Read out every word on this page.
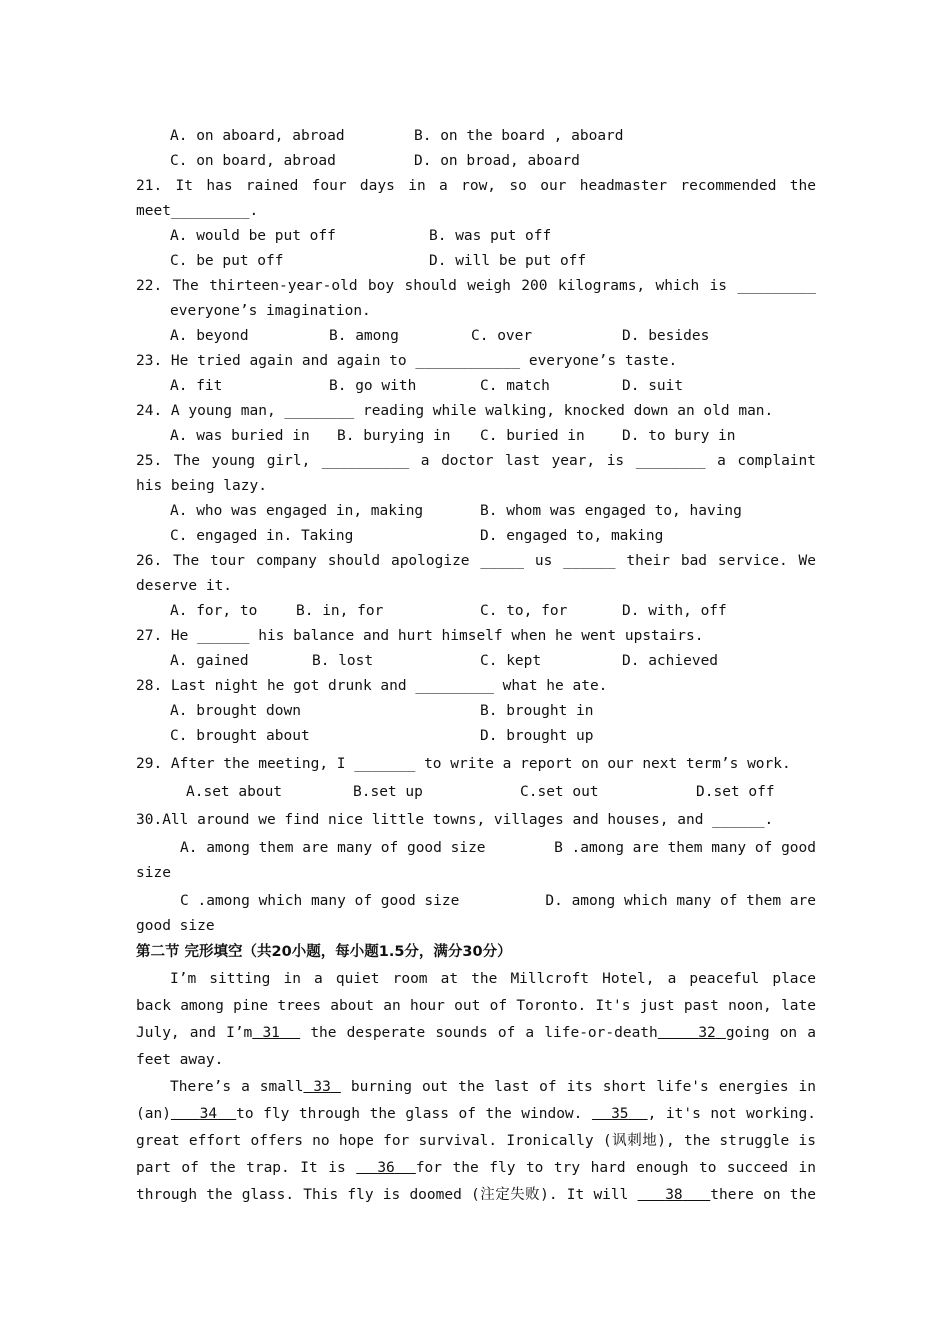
A. on aboard, abroad	B. on the board , aboard
C. on board, abroad	D. on broad, aboard
21. It has rained four days in a row, so our headmaster recommended the
meet_________.
A. would be put off	B. was put off
C. be put off	D. will be put off
22. The thirteen-year-old boy should weigh 200 kilograms, which is _________
everyone’s imagination.
A. beyond	B. among	C. over	D. besides
23. He tried again and again to ____________ everyone’s taste.
A. fit	B. go with	C. match	D. suit
24. A young man, ________ reading while walking, knocked down an old man.
A. was buried in	B. burying in	C. buried in	D. to bury in
25. The young girl, __________ a doctor last year, is ________ a complaint
his being lazy.
A. who was engaged in, making	B. whom was engaged to, having
C. engaged in. Taking	D. engaged to, making
26. The tour company should apologize _____ us ______ their bad service. We
deserve it.
A. for, to	B. in, for	C. to, for	D. with, off
27. He ______ his balance and hurt himself when he went upstairs.
A. gained	B. lost	C. kept	D. achieved
28. Last night he got drunk and _________ what he ate.
A. brought down	B. brought in
C. brought about	D. brought up
29. After the meeting, I _______ to write a report on our next term’s work.
A.set about	B.set up	C.set out	D.set off
30.All around we find nice little towns, villages and houses, and ______.
A. among them are many of good size	B .among are them many of good
size
C .among which many of good size	D. among which many of them are
good size
第二节 完形填空（共20小题，每小题1.5分，满分30分）
I’m sitting in a quiet room at the Millcroft Hotel, a peaceful place
back among pine trees about an hour out of Toronto. It's just past noon, late
July, and I’m 31 the desperate sounds of a life-or-death	32 going on a
feet away.
There’s a small 33 burning out the last of its short life's energies in
(an) 34 to fly through the glass of the window. 35 , it's not working.
great effort offers no hope for survival. Ironically (讽刺地), the struggle is
part of the trap. It is 36 for the fly to try hard enough to succeed in
through the glass. This fly is doomed (注定失败). It will	38 there on the
